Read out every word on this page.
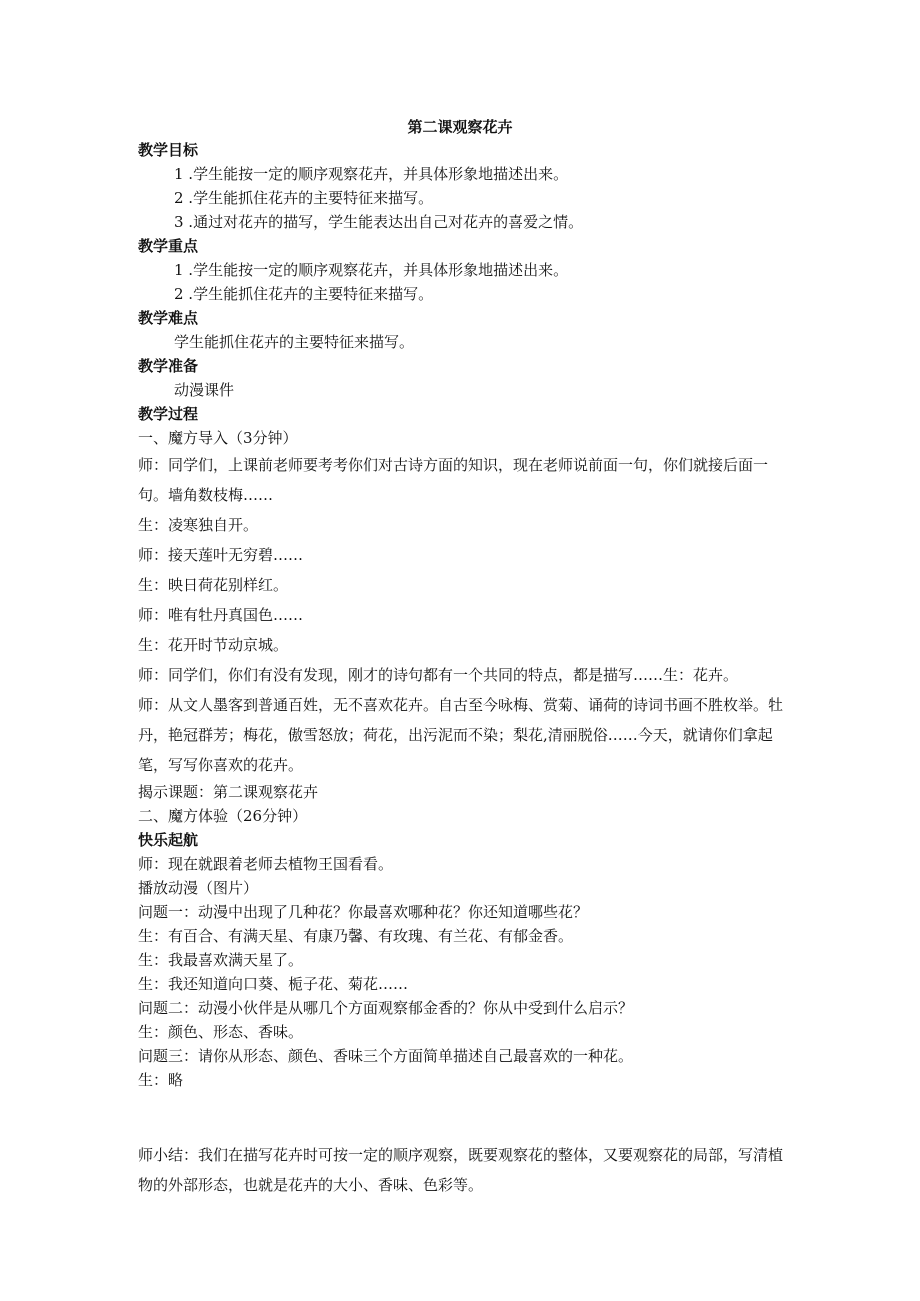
第二课观察花卉
教学目标
1 .学生能按一定的顺序观察花卉，并具体形象地描述出来。
2 .学生能抓住花卉的主要特征来描写。
3 .通过对花卉的描写，学生能表达出自己对花卉的喜爱之情。
教学重点
1 .学生能按一定的顺序观察花卉，并具体形象地描述出来。
2 .学生能抓住花卉的主要特征来描写。
教学难点
学生能抓住花卉的主要特征来描写。
教学准备
动漫课件
教学过程
一、魔方导入（3分钟）
师：同学们，上课前老师要考考你们对古诗方面的知识，现在老师说前面一句，你们就接后面一句。墙角数枝梅……
生：凌寒独自开。
师：接天莲叶无穷碧……
生：映日荷花别样红。
师：唯有牡丹真国色……
生：花开时节动京城。
师：同学们，你们有没有发现，刚才的诗句都有一个共同的特点，都是描写……生：花卉。
师：从文人墨客到普通百姓，无不喜欢花卉。自古至今咏梅、赏菊、诵荷的诗词书画不胜枚举。牡丹，艳冠群芳；梅花，傲雪怒放；荷花，出污泥而不染；梨花,清丽脱俗……今天，就请你们拿起笔，写写你喜欢的花卉。
揭示课题：第二课观察花卉
二、魔方体验（26分钟）
快乐起航
师：现在就跟着老师去植物王国看看。
播放动漫（图片）
问题一：动漫中出现了几种花？你最喜欢哪种花？你还知道哪些花？
生：有百合、有满天星、有康乃馨、有玫瑰、有兰花、有郁金香。
生：我最喜欢满天星了。
生：我还知道向口葵、栀子花、菊花……
问题二：动漫小伙伴是从哪几个方面观察郁金香的？你从中受到什么启示？
生：颜色、形态、香味。
问题三：请你从形态、颜色、香味三个方面简单描述自己最喜欢的一种花。
生：略
师小结：我们在描写花卉时可按一定的顺序观察，既要观察花的整体，又要观察花的局部，写清植物的外部形态，也就是花卉的大小、香味、色彩等。
